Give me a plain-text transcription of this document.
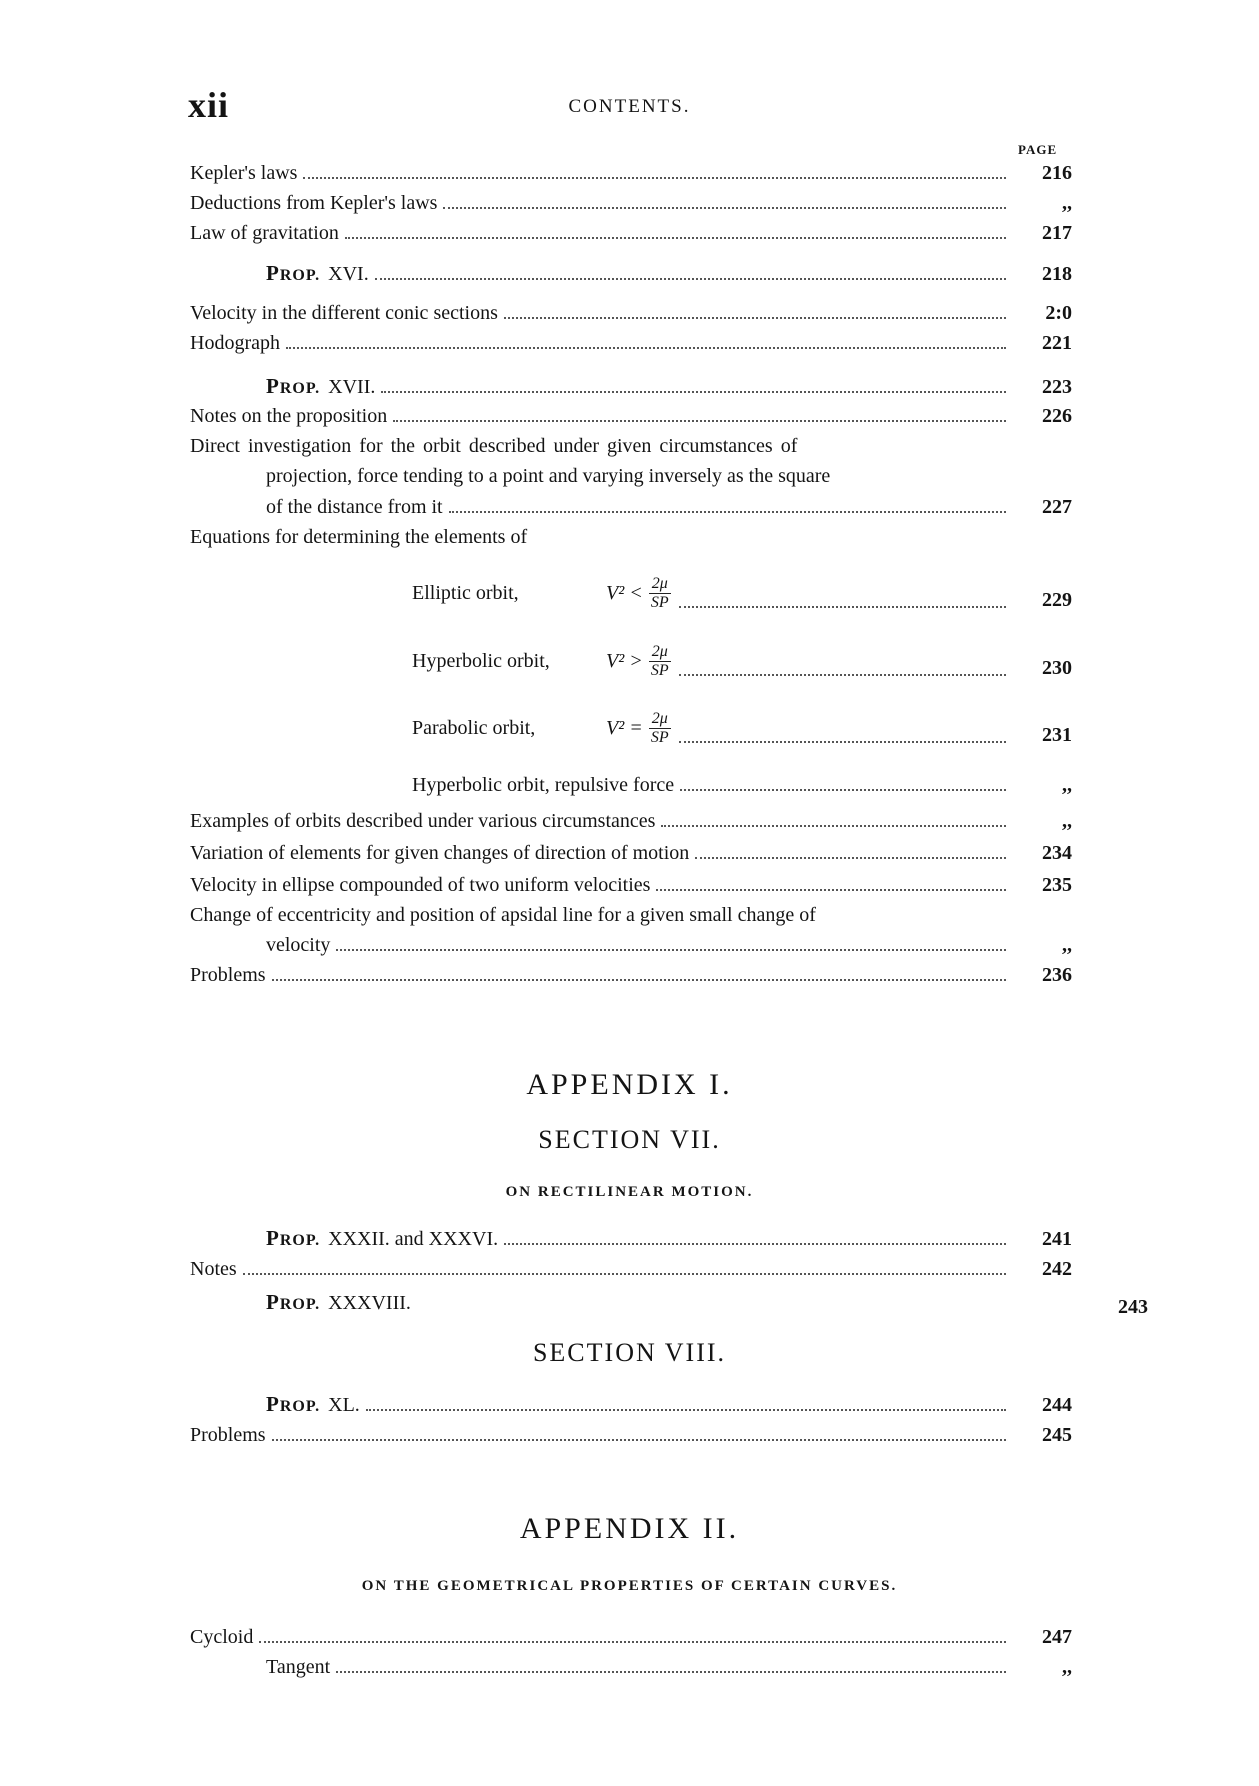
xii	CONTENTS.
PAGE
Kepler's laws	216
Deductions from Kepler's laws	,,
Law of gravitation	217
PROP. XVI.	218
Velocity in the different conic sections	2:0
Hodograph	221
PROP. XVII.	223
Notes on the proposition	226
Direct investigation for the orbit described under given circumstances of
projection, force tending to a point and varying inversely as the square
of the distance from it	227
Equations for determining the elements of
Elliptic orbit,	$V^2 < \frac{2\mu}{SP}$	229
Hyperbolic orbit,	$V^2 > \frac{2\mu}{SP}$	230
Parabolic orbit,	$V^2 = \frac{2\mu}{SP}$	231
Hyperbolic orbit, repulsive force	,,
Examples of orbits described under various circumstances	,,
Variation of elements for given changes of direction of motion	234
Velocity in ellipse compounded of two uniform velocities	235
Change of eccentricity and position of apsidal line for a given small change of
velocity	,,
Problems	236
APPENDIX I.
SECTION VII.
ON RECTILINEAR MOTION.
PROP. XXXII. and XXXVI.	241
Notes	242
PROP. XXXVIII.	243
SECTION VIII.
PROP. XL.	244
Problems	245
APPENDIX II.
ON THE GEOMETRICAL PROPERTIES OF CERTAIN CURVES.
Cycloid	247
Tangent	,,
